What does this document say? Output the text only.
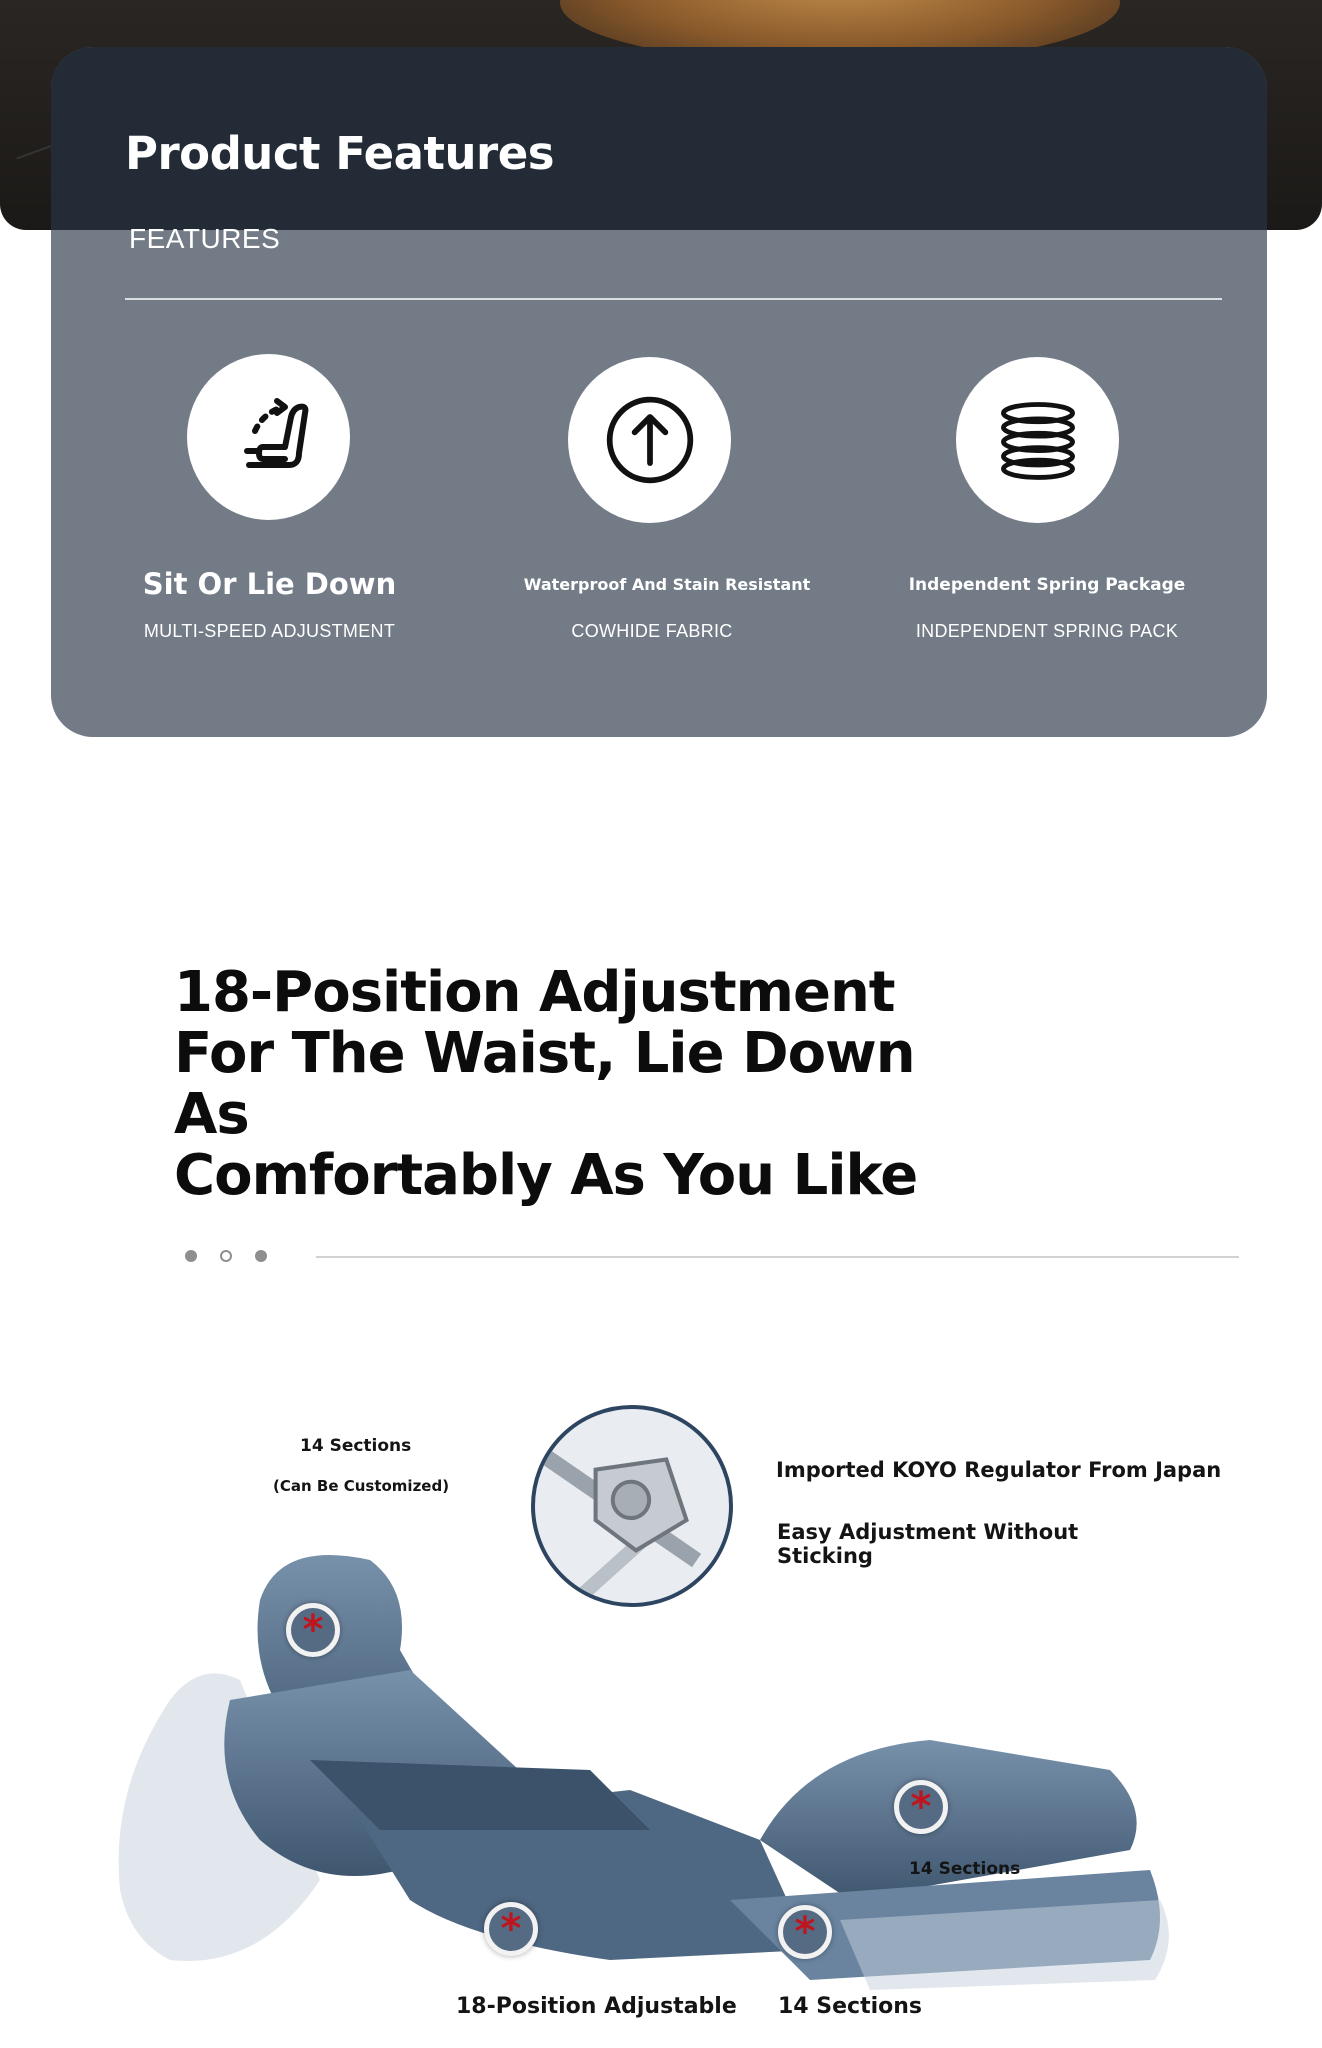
Product Features
FEATURES
Sit Or Lie Down
MULTI-SPEED ADJUSTMENT
Waterproof And Stain Resistant
COWHIDE FABRIC
Independent Spring Package
INDEPENDENT SPRING PACK
18-Position Adjustment
For The Waist, Lie Down As
Comfortably As You Like
14 Sections
(Can Be Customized)
Imported KOYO Regulator From Japan
Easy Adjustment Without
Sticking
*
*
*	*
14 Sections
18-Position Adjustable 14 Sections
